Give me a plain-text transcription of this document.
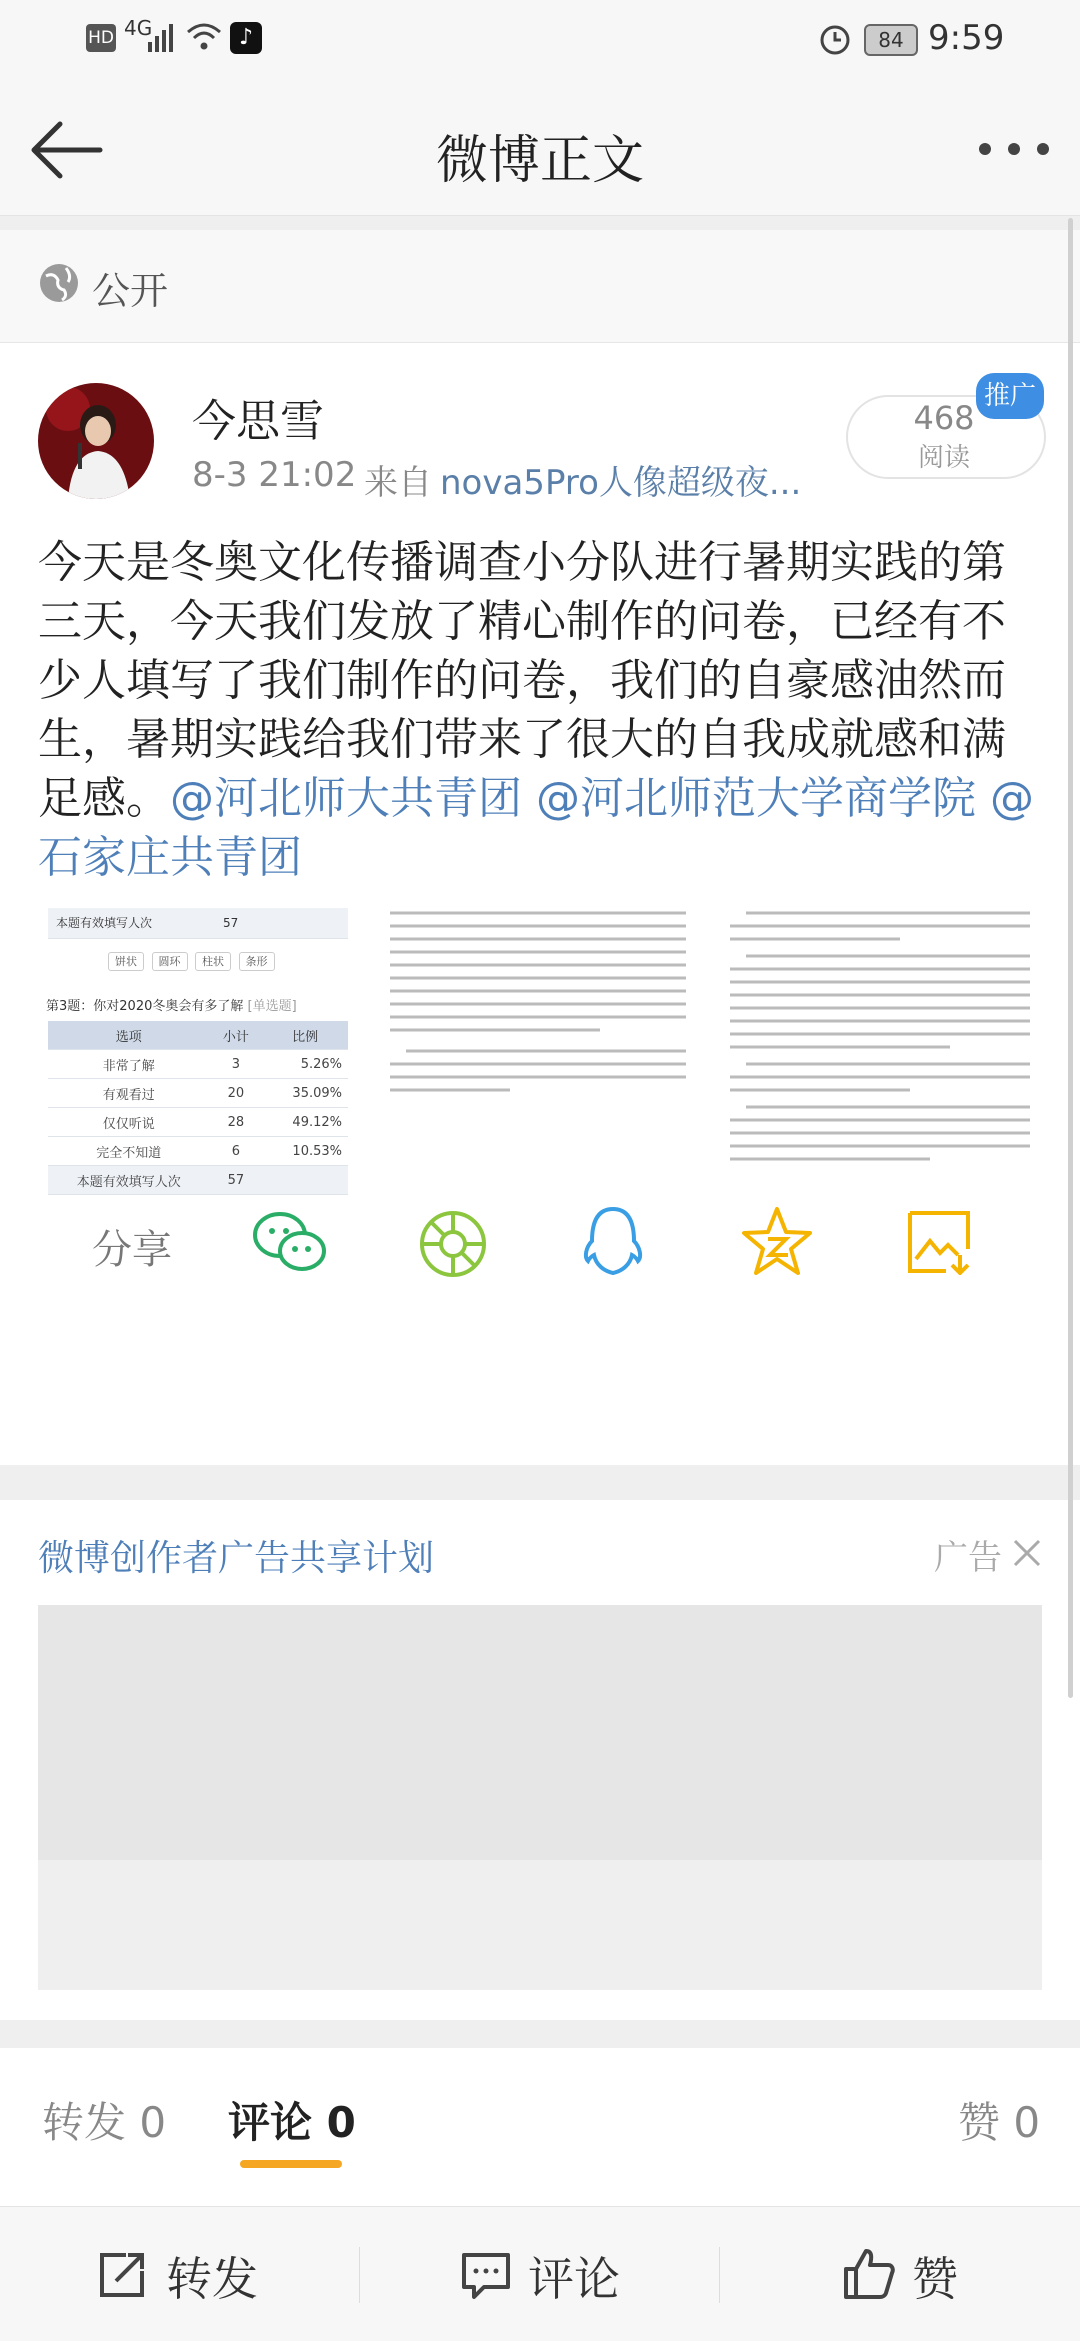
HD 4G	♪	84 9:59
微博正文
公开
今思雪
8-3 21:02 来自 nova5Pro人像超级夜...
468
阅读
推广
今天是冬奥文化传播调查小分队进行暑期实践的第
三天，今天我们发放了精心制作的问卷，已经有不
少人填写了我们制作的问卷，我们的自豪感油然而
生，暑期实践给我们带来了很大的自我成就感和满
足感。@河北师大共青团 @河北师范大学商学院 @
石家庄共青团
本题有效填写人次	57
饼状 圆环 柱状 条形
第3题：你对2020冬奥会有多了解 [单选题]
选项	小计	比例
非常了解	3	5.26%
有观看过	20	35.09%
仅仅听说	28	49.12%
完全不知道	6	10.53%
本题有效填写人次	57	
分享
微博创作者广告共享计划	广告
转发 0 评论 0	赞 0
转发	评论	赞
